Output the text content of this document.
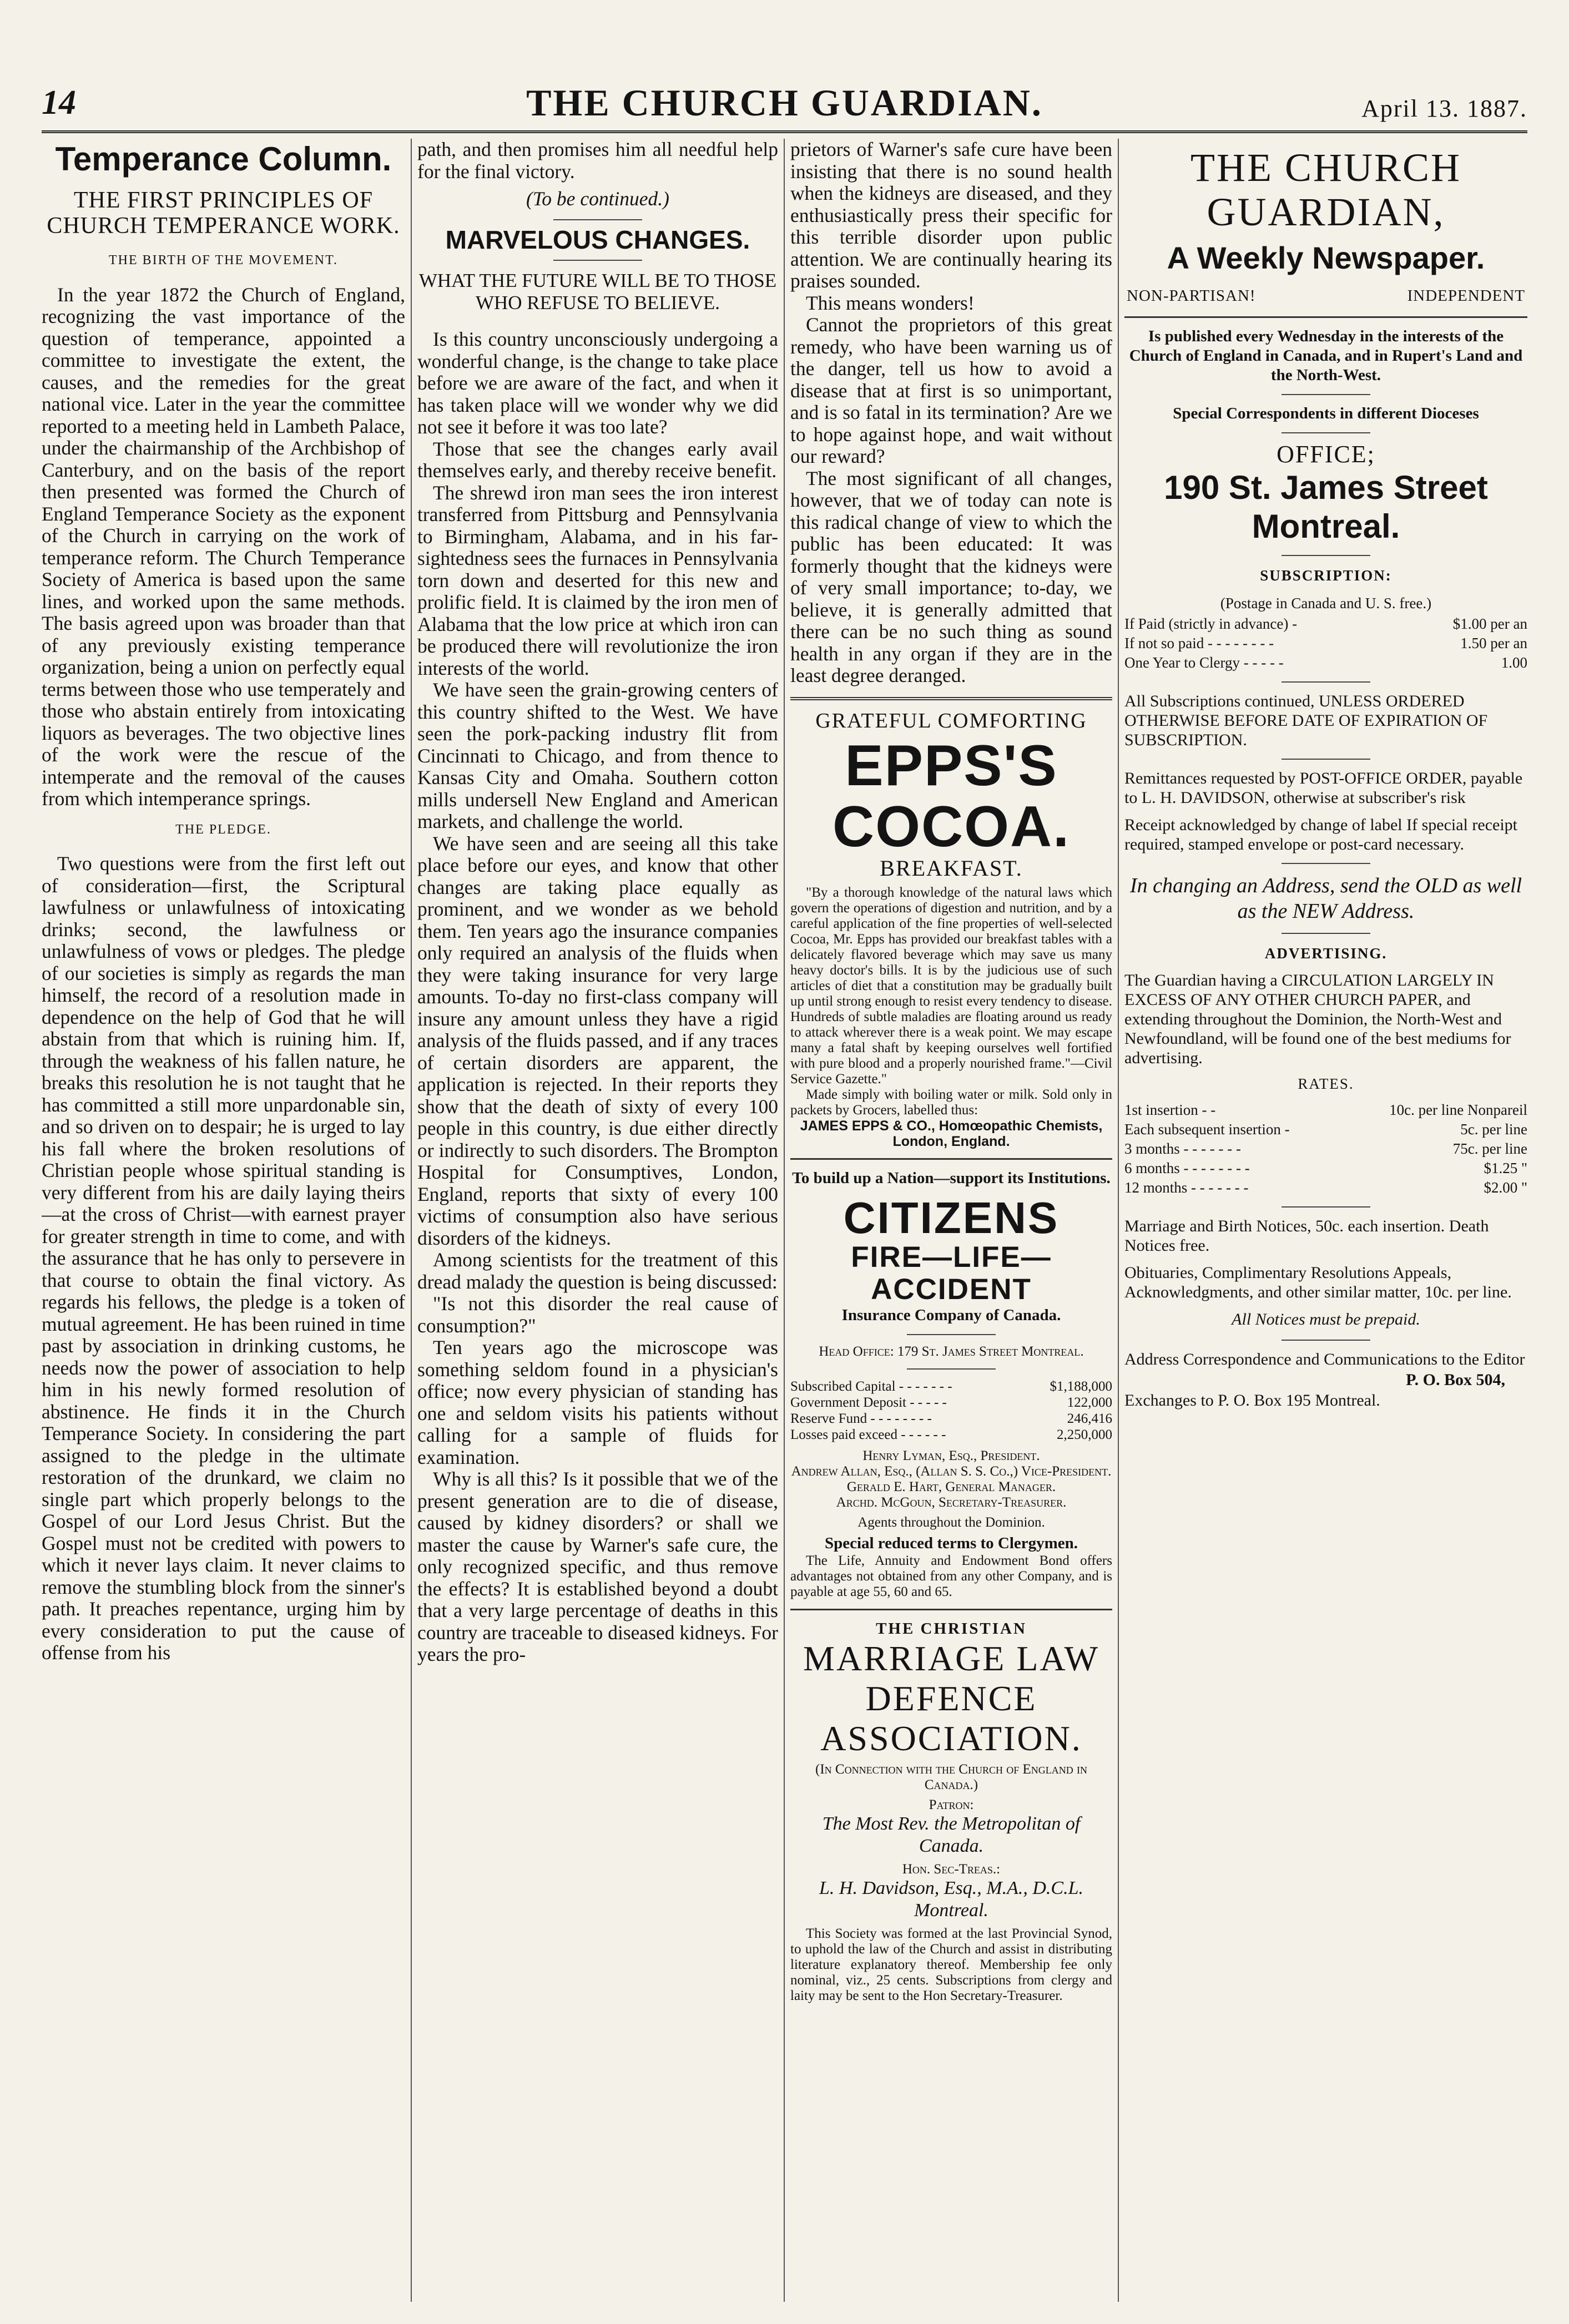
14	THE CHURCH GUARDIAN.	April 13. 1887.
Temperance Column.
THE FIRST PRINCIPLES OF CHURCH TEMPERANCE WORK.
THE BIRTH OF THE MOVEMENT.

In the year 1872 the Church of England, recognizing the vast importance of the question of temperance, appointed a committee to investigate the extent, the causes, and the remedies for the great national vice. Later in the year the committee reported to a meeting held in Lambeth Palace, under the chairmanship of the Archbishop of Canterbury, and on the basis of the report then presented was formed the Church of England Temperance Society as the exponent of the Church in carrying on the work of temperance reform. The Church Temperance Society of America is based upon the same lines, and worked upon the same methods. The basis agreed upon was broader than that of any previously existing temperance organization, being a union on perfectly equal terms between those who use temperately and those who abstain entirely from intoxicating liquors as beverages. The two objective lines of the work were the rescue of the intemperate and the removal of the causes from which intemperance springs.

THE PLEDGE.

Two questions were from the first left out of consideration—first, the Scriptural lawfulness or unlawfulness of intoxicating drinks; second, the lawfulness or unlawfulness of vows or pledges. The pledge of our societies is simply as regards the man himself, the record of a resolution made in dependence on the help of God that he will abstain from that which is ruining him. If, through the weakness of his fallen nature, he breaks this resolution he is not taught that he has committed a still more unpardonable sin, and so driven on to despair; he is urged to lay his fall where the broken resolutions of Christian people whose spiritual standing is very different from his are daily laying theirs—at the cross of Christ—with earnest prayer for greater strength in time to come, and with the assurance that he has only to persevere in that course to obtain the final victory. As regards his fellows, the pledge is a token of mutual agreement. He has been ruined in time past by association in drinking customs, he needs now the power of association to help him in his newly formed resolution of abstinence. He finds it in the Church Temperance Society. In considering the part assigned to the pledge in the ultimate restoration of the drunkard, we claim no single part which properly belongs to the Gospel of our Lord Jesus Christ. But the Gospel must not be credited with powers to which it never lays claim. It never claims to remove the stumbling block from the sinner's path. It preaches repentance, urging him by every consideration to put the cause of offense from his

path, and then promises him all needful help for the final victory.

(To be continued.)
MARVELOUS CHANGES.
WHAT THE FUTURE WILL BE TO THOSE WHO REFUSE TO BELIEVE.

Is this country unconsciously undergoing a wonderful change, is the change to take place before we are aware of the fact, and when it has taken place will we wonder why we did not see it before it was too late?

Those that see the changes early avail themselves early, and thereby receive benefit.

The shrewd iron man sees the iron interest transferred from Pittsburg and Pennsylvania to Birmingham, Alabama, and in his far-sightedness sees the furnaces in Pennsylvania torn down and deserted for this new and prolific field. It is claimed by the iron men of Alabama that the low price at which iron can be produced there will revolutionize the iron interests of the world.

We have seen the grain-growing centers of this country shifted to the West. We have seen the pork-packing industry flit from Cincinnati to Chicago, and from thence to Kansas City and Omaha. Southern cotton mills undersell New England and American markets, and challenge the world.

We have seen and are seeing all this take place before our eyes, and know that other changes are taking place equally as prominent, and we wonder as we behold them. Ten years ago the insurance companies only required an analysis of the fluids when they were taking insurance for very large amounts. To-day no first-class company will insure any amount unless they have a rigid analysis of the fluids passed, and if any traces of certain disorders are apparent, the application is rejected. In their reports they show that the death of sixty of every 100 people in this country, is due either directly or indirectly to such disorders. The Brompton Hospital for Consumptives, London, England, reports that sixty of every 100 victims of consumption also have serious disorders of the kidneys.

Among scientists for the treatment of this dread malady the question is being discussed:

"Is not this disorder the real cause of consumption?"

Ten years ago the microscope was something seldom found in a physician's office; now every physician of standing has one and seldom visits his patients without calling for a sample of fluids for examination.

Why is all this? Is it possible that we of the present generation are to die of disease, caused by kidney disorders? or shall we master the cause by Warner's safe cure, the only recognized specific, and thus remove the effects? It is established beyond a doubt that a very large percentage of deaths in this country are traceable to diseased kidneys. For years the pro-

prietors of Warner's safe cure have been insisting that there is no sound health when the kidneys are diseased, and they enthusiastically press their specific for this terrible disorder upon public attention. We are continually hearing its praises sounded.

This means wonders!

Cannot the proprietors of this great remedy, who have been warning us of the danger, tell us how to avoid a disease that at first is so unimportant, and is so fatal in its termination? Are we to hope against hope, and wait without our reward?

The most significant of all changes, however, that we of today can note is this radical change of view to which the public has been educated: It was formerly thought that the kidneys were of very small importance; to-day, we believe, it is generally admitted that there can be no such thing as sound health in any organ if they are in the least degree deranged.

GRATEFUL COMFORTING
EPPS'S COCOA.
BREAKFAST.

"By a thorough knowledge of the natural laws which govern the operations of digestion and nutrition, and by a careful application of the fine properties of well-selected Cocoa, Mr. Epps has provided our breakfast tables with a delicately flavored beverage which may save us many heavy doctor's bills. It is by the judicious use of such articles of diet that a constitution may be gradually built up until strong enough to resist every tendency to disease. Hundreds of subtle maladies are floating around us ready to attack wherever there is a weak point. We may escape many a fatal shaft by keeping ourselves well fortified with pure blood and a properly nourished frame."—Civil Service Gazette."

Made simply with boiling water or milk. Sold only in packets by Grocers, labelled thus:

JAMES EPPS & CO., Homœopathic Chemists, London, England.
To build up a Nation—support its Institutions.
CITIZENS
FIRE—LIFE—ACCIDENT
Insurance Company of Canada.
Head Office: 179 St. James Street Montreal.
Subscribed Capital - - - - - - -	$1,188,000
Government Deposit - - - - -	122,000
Reserve Fund - - - - - - - -	246,416
Losses paid exceed - - - - - -	2,250,000
Henry Lyman, Esq., President.
Andrew Allan, Esq., (Allan S. S. Co.,) Vice-President.
Gerald E. Hart, General Manager.
Archd. McGoun, Secretary-Treasurer.
Agents throughout the Dominion.
Special reduced terms to Clergymen.

The Life, Annuity and Endowment Bond offers advantages not obtained from any other Company, and is payable at age 55, 60 and 65.

THE CHRISTIAN
MARRIAGE LAW DEFENCE
ASSOCIATION.
(In Connection with the Church of England in Canada.)
Patron:
The Most Rev. the Metropolitan of Canada.
Hon. Sec-Treas.:
L. H. Davidson, Esq., M.A., D.C.L. Montreal.

This Society was formed at the last Provincial Synod, to uphold the law of the Church and assist in distributing literature explanatory thereof. Membership fee only nominal, viz., 25 cents. Subscriptions from clergy and laity may be sent to the Hon Secretary-Treasurer.

THE CHURCH GUARDIAN,
A Weekly Newspaper.
NON-PARTISAN!	INDEPENDENT
Is published every Wednesday in the interests of the Church of England in Canada, and in Rupert's Land and the North-West.
Special Correspondents in different Dioceses
OFFICE;
190 St. James Street Montreal.
SUBSCRIPTION:
(Postage in Canada and U. S. free.)
If Paid (strictly in advance) -	$1.00 per an
If not so paid - - - - - - - -	1.50 per an
One Year to Clergy - - - - -	1.00

All Subscriptions continued, UNLESS ORDERED OTHERWISE BEFORE DATE OF EXPIRATION OF SUBSCRIPTION.

Remittances requested by POST-OFFICE ORDER, payable to L. H. DAVIDSON, otherwise at subscriber's risk

Receipt acknowledged by change of label If special receipt required, stamped envelope or post-card necessary.

In changing an Address, send the OLD as well as the NEW Address.
ADVERTISING.

The Guardian having a CIRCULATION LARGELY IN EXCESS OF ANY OTHER CHURCH PAPER, and extending throughout the Dominion, the North-West and Newfoundland, will be found one of the best mediums for advertising.

RATES.
1st insertion - -	10c. per line Nonpareil
Each subsequent insertion -	5c. per line
3 months - - - - - - -	75c. per line
6 months - - - - - - - -	$1.25 "
12 months - - - - - - -	$2.00 "

Marriage and Birth Notices, 50c. each insertion. Death Notices free.

Obituaries, Complimentary Resolutions Appeals, Acknowledgments, and other similar matter, 10c. per line.

All Notices must be prepaid.

Address Correspondence and Communications to the Editor

P. O. Box 504,

Exchanges to P. O. Box 195 Montreal.
